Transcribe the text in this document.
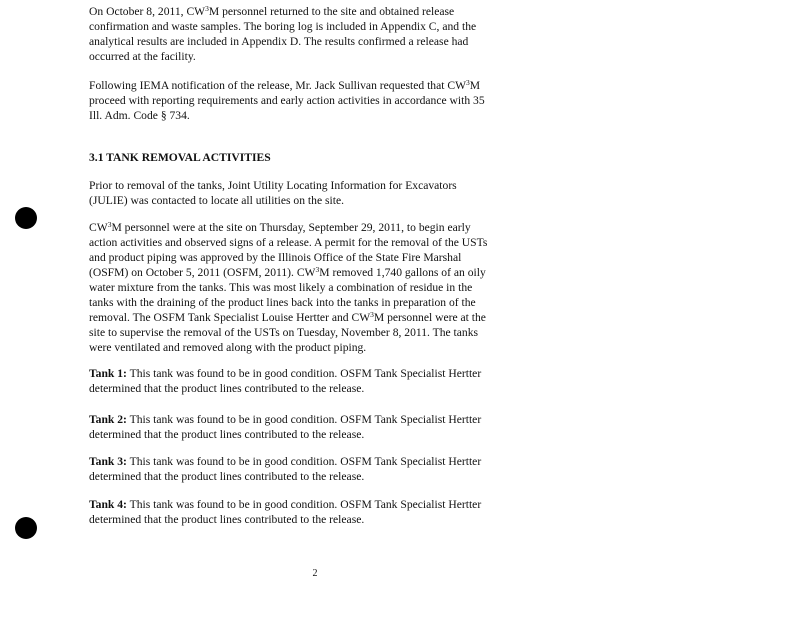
On October 8, 2011, $CW^3M$ personnel returned to the site and obtained release
confirmation and waste samples. The boring log is included in Appendix C, and the
analytical results are included in Appendix D. The results confirmed a release had
occurred at the facility.
Following IEMA notification of the release, Mr. Jack Sullivan requested that $CW^3M$
proceed with reporting requirements and early action activities in accordance with 35
Ill. Adm. Code § 734.
3.1 TANK REMOVAL ACTIVITIES
Prior to removal of the tanks, Joint Utility Locating Information for Excavators
(JULIE) was contacted to locate all utilities on the site.
$CW^3M$ personnel were at the site on Thursday, September 29, 2011, to begin early
action activities and observed signs of a release. A permit for the removal of the USTs
and product piping was approved by the Illinois Office of the State Fire Marshal
(OSFM) on October 5, 2011 (OSFM, 2011). $CW^3M$ removed 1,740 gallons of an oily
water mixture from the tanks. This was most likely a combination of residue in the
tanks with the draining of the product lines back into the tanks in preparation of the
removal. The OSFM Tank Specialist Louise Hertter and $CW^3M$ personnel were at the
site to supervise the removal of the USTs on Tuesday, November 8, 2011. The tanks
were ventilated and removed along with the product piping.
Tank 1: This tank was found to be in good condition. OSFM Tank Specialist Hertter
determined that the product lines contributed to the release.
Tank 2: This tank was found to be in good condition. OSFM Tank Specialist Hertter
determined that the product lines contributed to the release.
Tank 3: This tank was found to be in good condition. OSFM Tank Specialist Hertter
determined that the product lines contributed to the release.
Tank 4: This tank was found to be in good condition. OSFM Tank Specialist Hertter
determined that the product lines contributed to the release.
2
